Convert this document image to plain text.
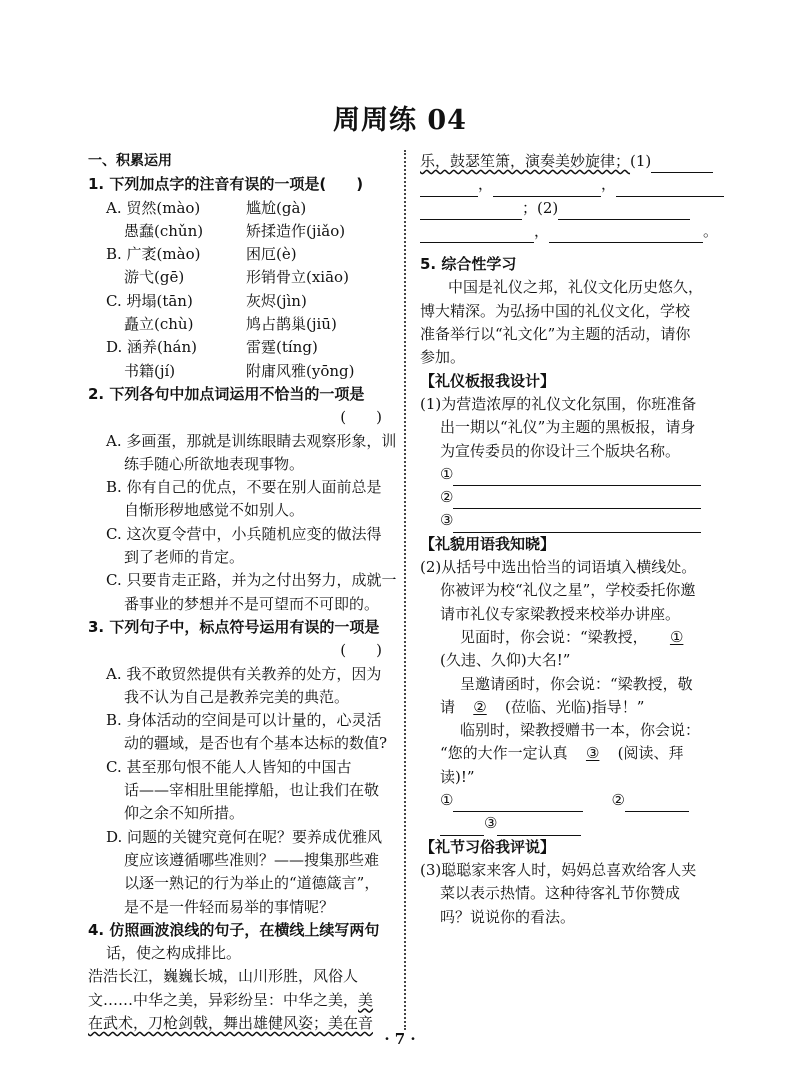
周周练 04
一、积累运用
1. 下列加点字的注音有误的一项是(　　)
A. 贸然(mào)	尴尬(gà)
愚蠢(chǔn)	矫揉造作(jiǎo)
B. 广袤(mào)	困厄(è)
游弋(gē)	形销骨立(xiāo)
C. 坍塌(tān)	灰烬(jìn)
矗立(chù)	鸠占鹊巢(jiū)
D. 涵养(hán)	雷霆(tíng)
书籍(jí)	附庸风雅(yōng)
2. 下列各句中加点词运用不恰当的一项是
(　　)
A. 多画蛋，那就是训练眼睛去观察形象，训
练手随心所欲地表现事物。
B. 你有自己的优点，不要在别人面前总是
自惭形秽地感觉不如别人。
C. 这次夏令营中，小兵随机应变的做法得
到了老师的肯定。
C. 只要肯走正路，并为之付出努力，成就一
番事业的梦想并不是可望而不可即的。
3. 下列句子中，标点符号运用有误的一项是
(　　)
A. 我不敢贸然提供有关教养的处方，因为
我不认为自己是教养完美的典范。
B. 身体活动的空间是可以计量的，心灵活
动的疆域，是否也有个基本达标的数值?
C. 甚至那句恨不能人人皆知的中国古
话——宰相肚里能撑船，也让我们在敬
仰之余不知所措。
D. 问题的关键究竟何在呢？要养成优雅风
度应该遵循哪些准则？——搜集那些难
以逐一熟记的行为举止的“道德箴言”，
是不是一件轻而易举的事情呢？
4. 仿照画波浪线的句子，在横线上续写两句
话，使之构成排比。
浩浩长江，巍巍长城，山川形胜，风俗人
文……中华之美，异彩纷呈：中华之美，美
在武术，刀枪剑戟，舞出雄健风姿；美在音
乐，鼓瑟笙箫，演奏美妙旋律；(1)
，	，
；(2)
，	。
5. 综合性学习
中国是礼仪之邦，礼仪文化历史悠久，
博大精深。为弘扬中国的礼仪文化，学校
准备举行以“礼文化”为主题的活动，请你
参加。
【礼仪板报我设计】
(1)为营造浓厚的礼仪文化氛围，你班准备
出一期以“礼仪”为主题的黑板报，请身
为宣传委员的你设计三个版块名称。
①
②
③
【礼貌用语我知晓】
(2)从括号中选出恰当的词语填入横线处。
你被评为校“礼仪之星”，学校委托你邀
请市礼仪专家梁教授来校举办讲座。
见面时，你会说：“梁教授， ①
(久违、久仰)大名!”
呈邀请函时，你会说：“梁教授，敬
请 ② (莅临、光临)指导！”
临别时，梁教授赠书一本，你会说：
“您的大作一定认真 ③ (阅读、拜
读)!”
①	②
③
【礼节习俗我评说】
(3)聪聪家来客人时，妈妈总喜欢给客人夹
菜以表示热情。这种待客礼节你赞成
吗？说说你的看法。
· 7 ·
